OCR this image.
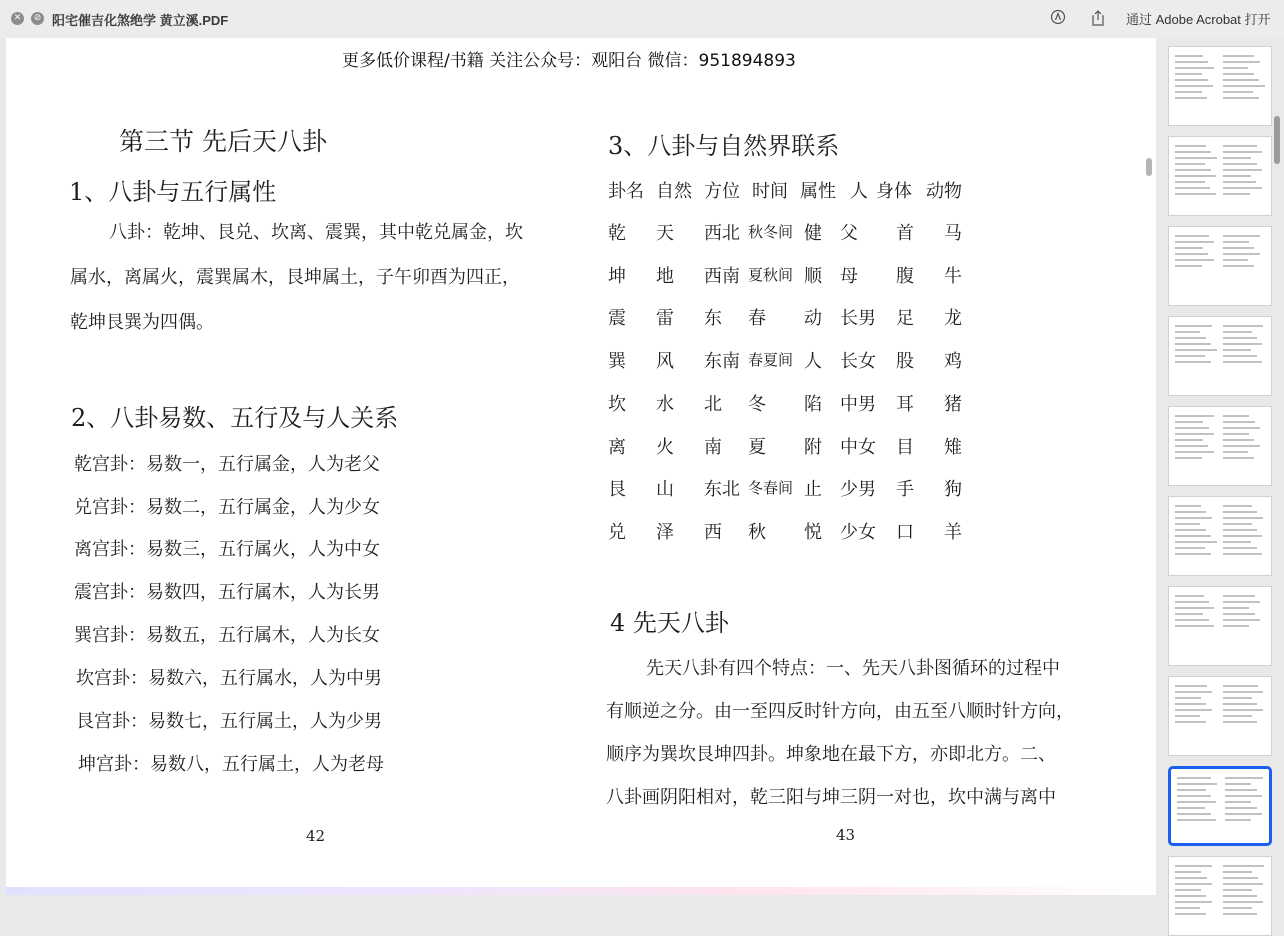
✕	⊘ 阳宅催吉化煞绝学 黄立溪.PDF	通过 Adobe Acrobat 打开
更多低价课程/书籍 关注公众号：观阳台 微信：951894893
第三节 先后天八卦
1、八卦与五行属性
八卦：乾坤、艮兑、坎离、震巽，其中乾兑属金，坎
属水，离属火，震巽属木，艮坤属土，子午卯酉为四正，
乾坤艮巽为四偶。
2、八卦易数、五行及与人关系
乾宫卦：易数一，五行属金，人为老父
兑宫卦：易数二，五行属金，人为少女
离宫卦：易数三，五行属火，人为中女
震宫卦：易数四，五行属木，人为长男
巽宫卦：易数五，五行属木，人为长女
坎宫卦：易数六，五行属水，人为中男
艮宫卦：易数七，五行属土，人为少男
坤宫卦：易数八，五行属土，人为老母
42
3、八卦与自然界联系
卦名 自然 方位 时间 属性 人 身体 动物
乾 天 西北 秋冬间 健 父 首 马
坤 地 西南 夏秋间 顺 母 腹 牛
震 雷 东 春 动 长男 足 龙
巽 风 东南 春夏间 人 长女 股 鸡
坎 水 北 冬 陷 中男 耳 猪
离 火 南 夏 附 中女 目 雉
艮 山 东北 冬春间 止 少男 手 狗
兑 泽 西 秋 悦 少女 口 羊
4 先天八卦
先天八卦有四个特点：一、先天八卦图循环的过程中
有顺逆之分。由一至四反时针方向，由五至八顺时针方向，
顺序为巽坎艮坤四卦。坤象地在最下方，亦即北方。二、
八卦画阴阳相对，乾三阳与坤三阴一对也，坎中满与离中
43
